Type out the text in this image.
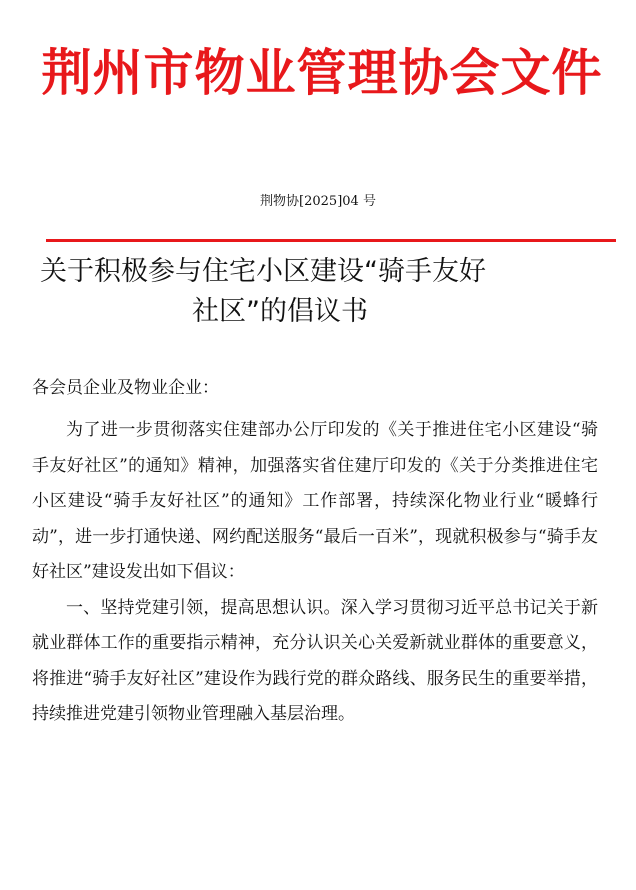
荆州市物业管理协会文件
荆物协[2025]04 号
关于积极参与住宅小区建设“骑手友好
社区”的倡议书
各会员企业及物业企业：

为了进一步贯彻落实住建部办公厅印发的《关于推进住宅小区建设“骑手友好社区”的通知》精神，加强落实省住建厅印发的《关于分类推进住宅小区建设“骑手友好社区”的通知》工作部署，持续深化物业行业“暖蜂行动”，进一步打通快递、网约配送服务“最后一百米”，现就积极参与“骑手友好社区”建设发出如下倡议：

一、坚持党建引领，提高思想认识。深入学习贯彻习近平总书记关于新就业群体工作的重要指示精神，充分认识关心关爱新就业群体的重要意义，将推进“骑手友好社区”建设作为践行党的群众路线、服务民生的重要举措，持续推进党建引领物业管理融入基层治理。
